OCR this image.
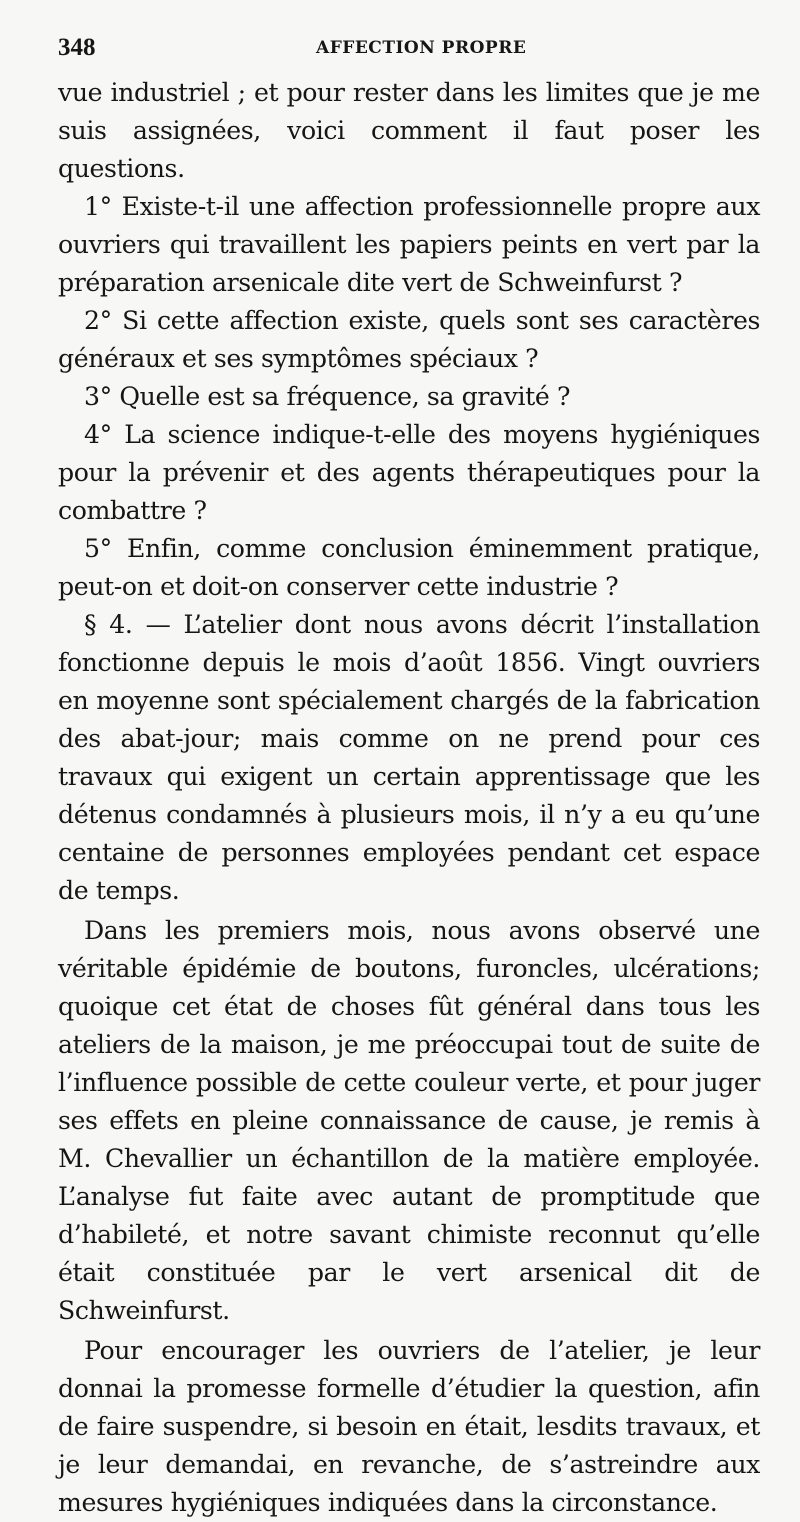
348	AFFECTION PROPRE

vue industriel ; et pour rester dans les limites que je me suis assignées, voici comment il faut poser les questions.

1° Existe-t-il une affection professionnelle propre aux ouvriers qui travaillent les papiers peints en vert par la préparation arsenicale dite vert de Schweinfurst ?

2° Si cette affection existe, quels sont ses caractères généraux et ses symptômes spéciaux ?

3° Quelle est sa fréquence, sa gravité ?

4° La science indique-t-elle des moyens hygiéniques pour la prévenir et des agents thérapeutiques pour la combattre ?

5° Enfin, comme conclusion éminemment pratique, peut-on et doit-on conserver cette industrie ?

§ 4. — L’atelier dont nous avons décrit l’installation fonctionne depuis le mois d’août 1856. Vingt ouvriers en moyenne sont spécialement chargés de la fabrication des abat-jour; mais comme on ne prend pour ces travaux qui exigent un certain apprentissage que les détenus condamnés à plusieurs mois, il n’y a eu qu’une centaine de personnes employées pendant cet espace de temps.

Dans les premiers mois, nous avons observé une véritable épidémie de boutons, furoncles, ulcérations; quoique cet état de choses fût général dans tous les ateliers de la maison, je me préoccupai tout de suite de l’influence possible de cette couleur verte, et pour juger ses effets en pleine connaissance de cause, je remis à M. Chevallier un échantillon de la matière employée. L’analyse fut faite avec autant de promptitude que d’habileté, et notre savant chimiste reconnut qu’elle était constituée par le vert arsenical dit de Schweinfurst.

Pour encourager les ouvriers de l’atelier, je leur donnai la promesse formelle d’étudier la question, afin de faire suspendre, si besoin en était, lesdits travaux, et je leur demandai, en revanche, de s’astreindre aux mesures hygiéniques indiquées dans la circonstance.
